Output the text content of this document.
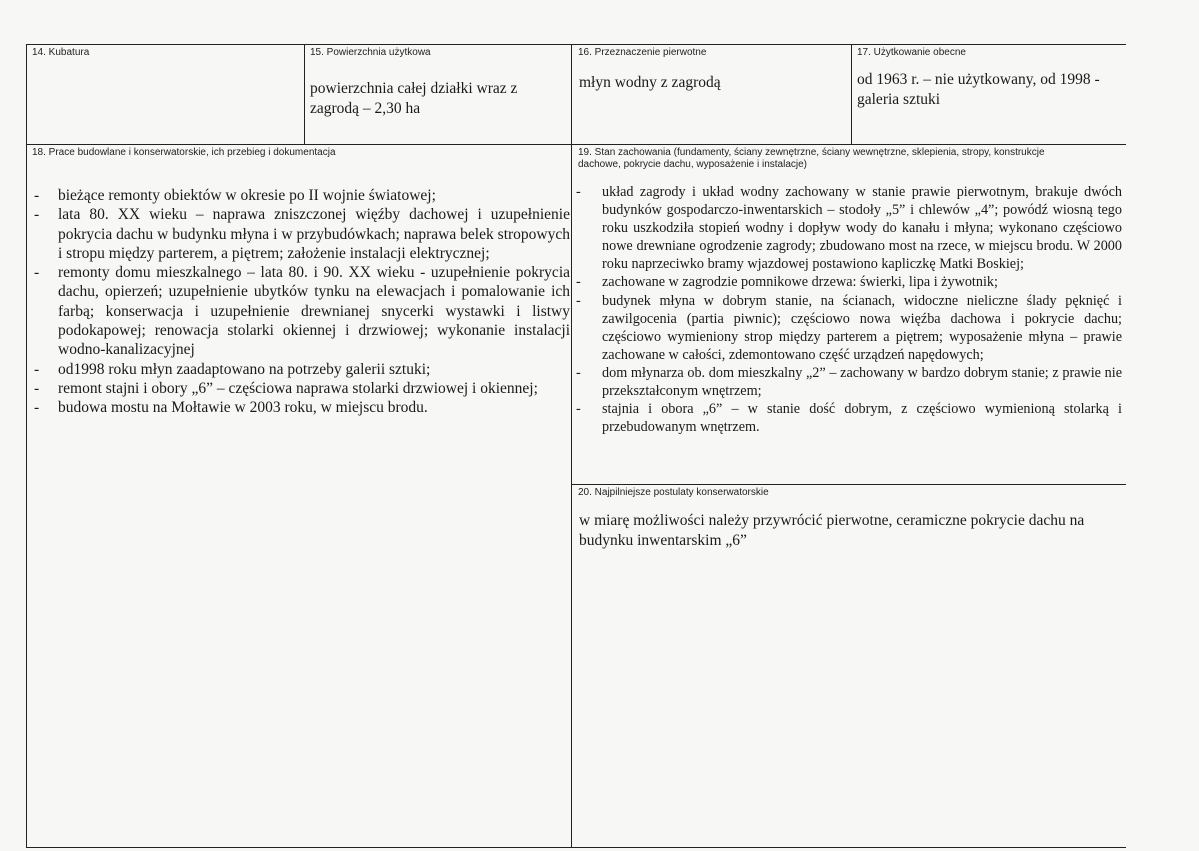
14. Kubatura	15. Powierzchnia użytkowa
powierzchnia całej działki wraz z zagrodą – 2,30 ha
16. Przeznaczenie pierwotne
młyn wodny z zagrodą
17. Użytkowanie obecne
od 1963 r. – nie użytkowany, od 1998 - galeria sztuki
18. Prace budowlane i konserwatorskie, ich przebieg i dokumentacja
- bieżące remonty obiektów w okresie po II wojnie światowej;
- lata 80. XX wieku – naprawa zniszczonej więźby dachowej i uzupełnienie pokrycia dachu w budynku młyna i w przybudówkach; naprawa belek stropowych i stropu między parterem, a piętrem; założenie instalacji elektrycznej;
- remonty domu mieszkalnego – lata 80. i 90. XX wieku - uzupełnienie pokrycia dachu, opierzeń; uzupełnienie ubytków tynku na elewacjach i pomalowanie ich farbą; konserwacja i uzupełnienie drewnianej snycerki wystawki i listwy podokapowej; renowacja stolarki okiennej i drzwiowej; wykonanie instalacji wodno-kanalizacyjnej
- od1998 roku młyn zaadaptowano na potrzeby galerii sztuki;
- remont stajni i obory „6” – częściowa naprawa stolarki drzwiowej i okiennej;
- budowa mostu na Mołtawie w 2003 roku, w miejscu brodu.
19. Stan zachowania (fundamenty, ściany zewnętrzne, ściany wewnętrzne, sklepienia, stropy, konstrukcje dachowe, pokrycie dachu, wyposażenie i instalacje)
- układ zagrody i układ wodny zachowany w stanie prawie pierwotnym, brakuje dwóch budynków gospodarczo-inwentarskich – stodoły „5” i chlewów „4”; powódź wiosną tego roku uszkodziła stopień wodny i dopływ wody do kanału i młyna; wykonano częściowo nowe drewniane ogrodzenie zagrody; zbudowano most na rzece, w miejscu brodu. W 2000 roku naprzeciwko bramy wjazdowej postawiono kapliczkę Matki Boskiej;
- zachowane w zagrodzie pomnikowe drzewa: świerki, lipa i żywotnik;
- budynek młyna w dobrym stanie, na ścianach, widoczne nieliczne ślady pęknięć i zawilgocenia (partia piwnic); częściowo nowa więźba dachowa i pokrycie dachu; częściowo wymieniony strop między parterem a piętrem; wyposażenie młyna – prawie zachowane w całości, zdemontowano część urządzeń napędowych;
- dom młynarza ob. dom mieszkalny „2” – zachowany w bardzo dobrym stanie; z prawie nie przekształconym wnętrzem;
- stajnia i obora „6” – w stanie dość dobrym, z częściowo wymienioną stolarką i przebudowanym wnętrzem.
20. Najpilniejsze postulaty konserwatorskie
w miarę możliwości należy przywrócić pierwotne, ceramiczne pokrycie dachu na budynku inwentarskim „6”
